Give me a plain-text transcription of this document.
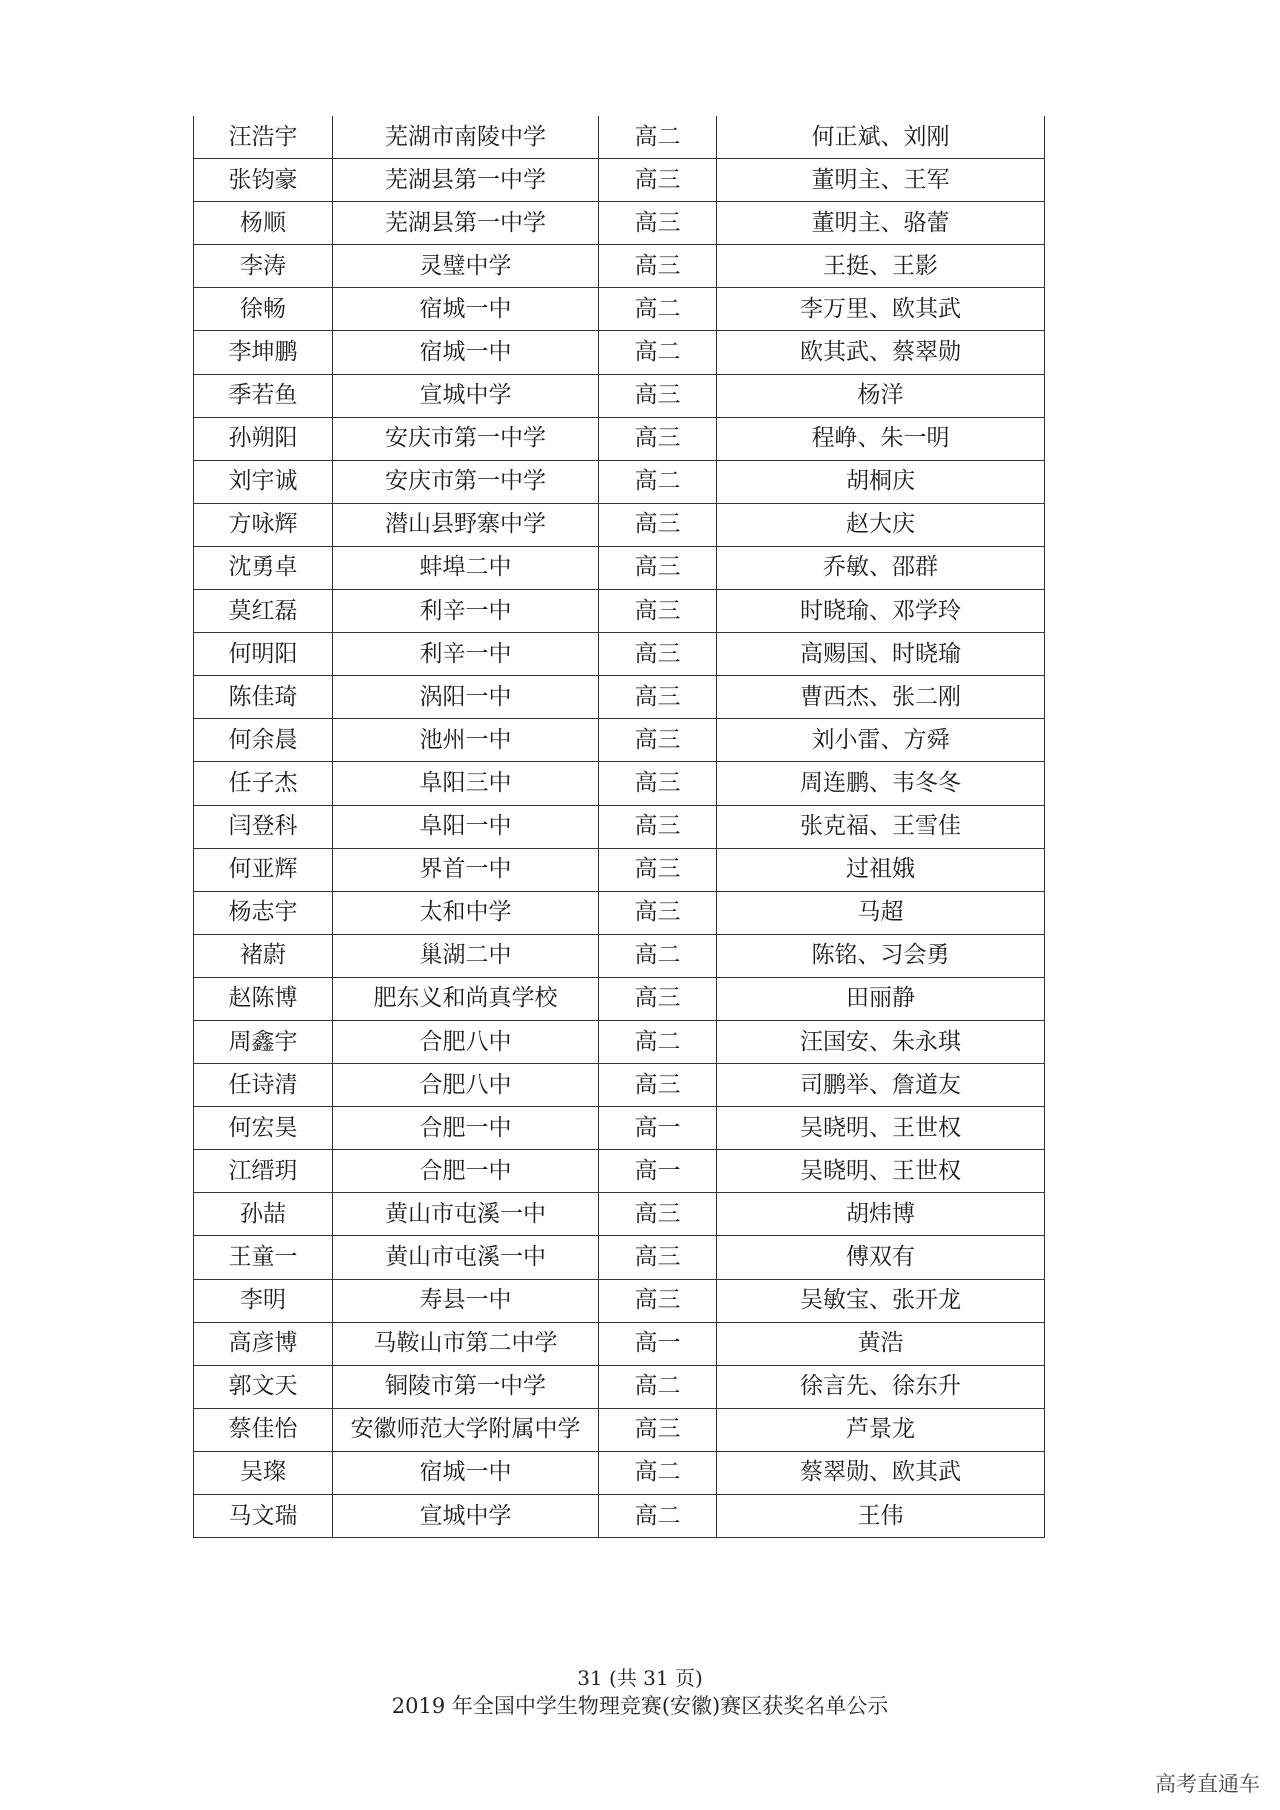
汪浩宇	芜湖市南陵中学	高二	何正斌、刘刚
张钧豪	芜湖县第一中学	高三	董明主、王军
杨顺	芜湖县第一中学	高三	董明主、骆蕾
李涛	灵璧中学	高三	王挺、王影
徐畅	宿城一中	高二	李万里、欧其武
李坤鹏	宿城一中	高二	欧其武、蔡翠勋
季若鱼	宣城中学	高三	杨洋
孙朔阳	安庆市第一中学	高三	程峥、朱一明
刘宇诚	安庆市第一中学	高二	胡桐庆
方咏辉	潜山县野寨中学	高三	赵大庆
沈勇卓	蚌埠二中	高三	乔敏、邵群
莫红磊	利辛一中	高三	时晓瑜、邓学玲
何明阳	利辛一中	高三	高赐国、时晓瑜
陈佳琦	涡阳一中	高三	曹西杰、张二刚
何余晨	池州一中	高三	刘小雷、方舜
任子杰	阜阳三中	高三	周连鹏、韦冬冬
闫登科	阜阳一中	高三	张克福、王雪佳
何亚辉	界首一中	高三	过祖娥
杨志宇	太和中学	高三	马超
褚蔚	巢湖二中	高二	陈铭、习会勇
赵陈博	肥东义和尚真学校	高三	田丽静
周鑫宇	合肥八中	高二	汪国安、朱永琪
任诗清	合肥八中	高三	司鹏举、詹道友
何宏昊	合肥一中	高一	吴晓明、王世权
江缙玥	合肥一中	高一	吴晓明、王世权
孙喆	黄山市屯溪一中	高三	胡炜博
王童一	黄山市屯溪一中	高三	傅双有
李明	寿县一中	高三	吴敏宝、张开龙
高彦博	马鞍山市第二中学	高一	黄浩
郭文天	铜陵市第一中学	高二	徐言先、徐东升
蔡佳怡	安徽师范大学附属中学	高三	芦景龙
吴璨	宿城一中	高二	蔡翠勋、欧其武
马文瑞	宣城中学	高二	王伟
31 (共 31 页)
2019 年全国中学生物理竞赛(安徽)赛区获奖名单公示
高考直通车
